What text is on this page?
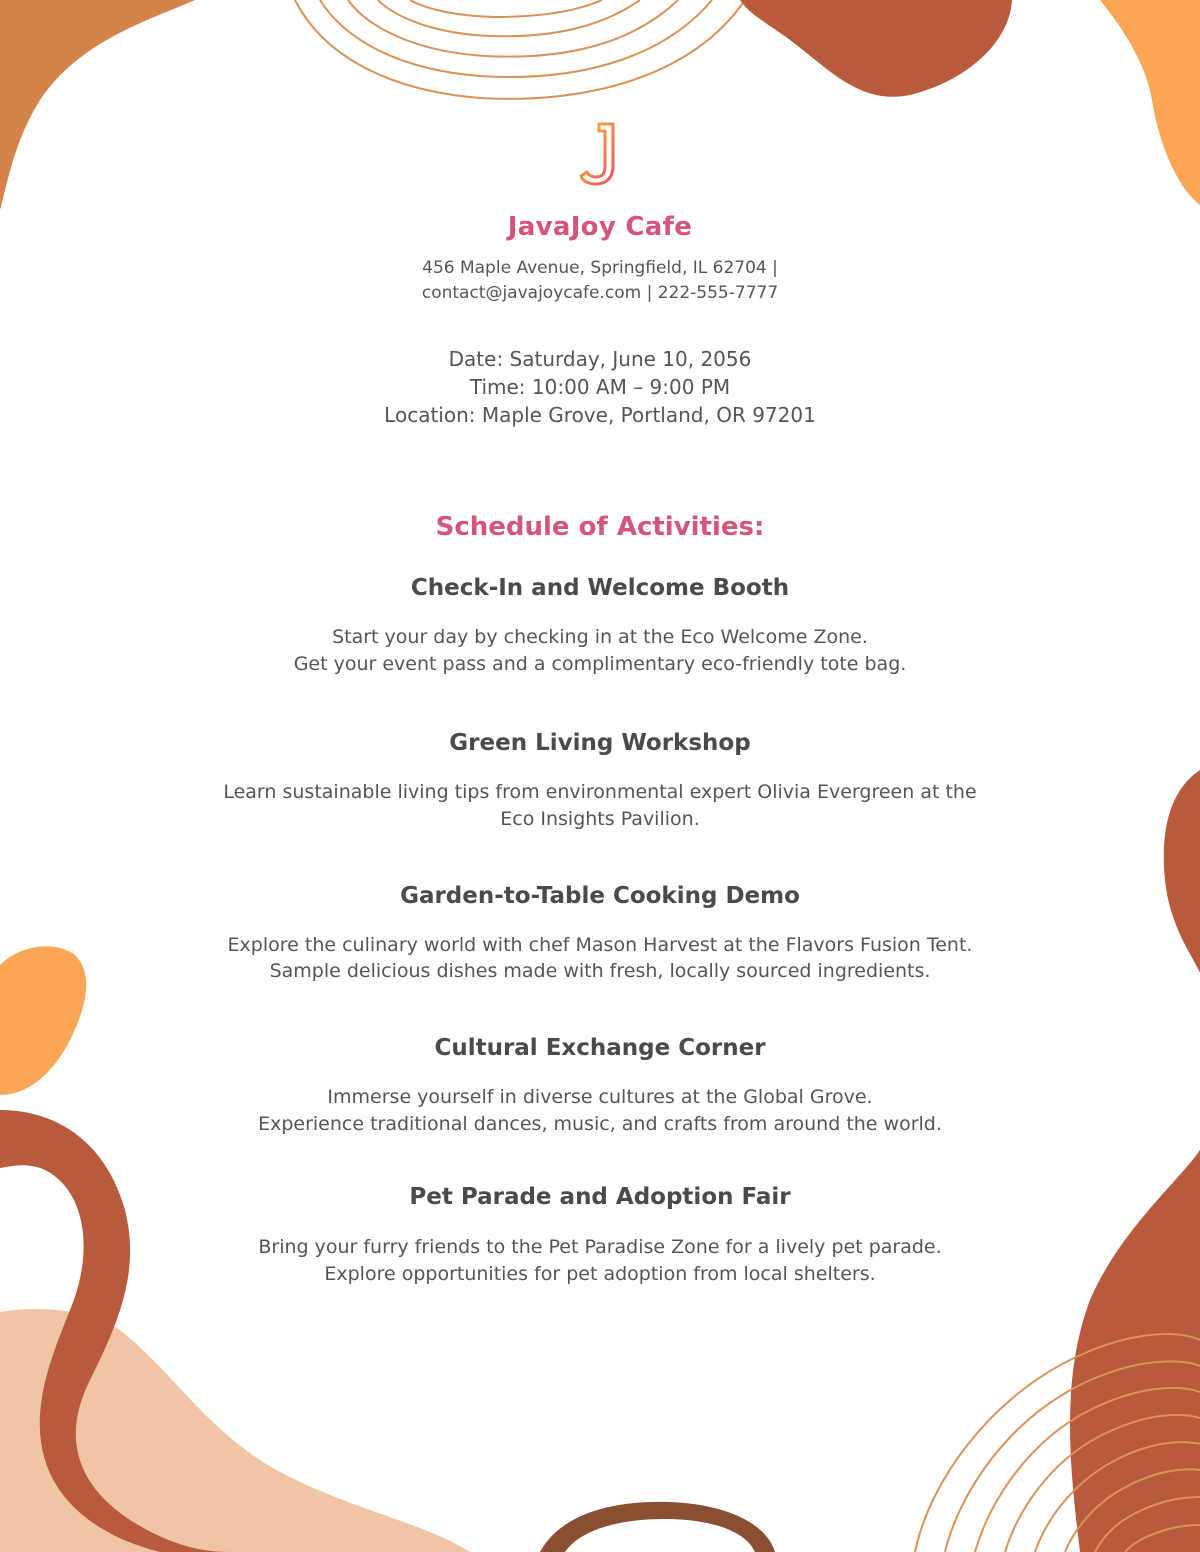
JavaJoy Cafe
456 Maple Avenue, Springfield, IL 62704 |
contact@javajoycafe.com | 222-555-7777
Date: Saturday, June 10, 2056
Time: 10:00 AM – 9:00 PM
Location: Maple Grove, Portland, OR 97201
Schedule of Activities:
Check-In and Welcome Booth

Start your day by checking in at the Eco Welcome Zone.
Get your event pass and a complimentary eco-friendly tote bag.

Green Living Workshop

Learn sustainable living tips from environmental expert Olivia Evergreen at the Eco Insights Pavilion.

Garden-to-Table Cooking Demo

Explore the culinary world with chef Mason Harvest at the Flavors Fusion Tent.
Sample delicious dishes made with fresh, locally sourced ingredients.

Cultural Exchange Corner

Immerse yourself in diverse cultures at the Global Grove.
Experience traditional dances, music, and crafts from around the world.

Pet Parade and Adoption Fair

Bring your furry friends to the Pet Paradise Zone for a lively pet parade.
Explore opportunities for pet adoption from local shelters.
